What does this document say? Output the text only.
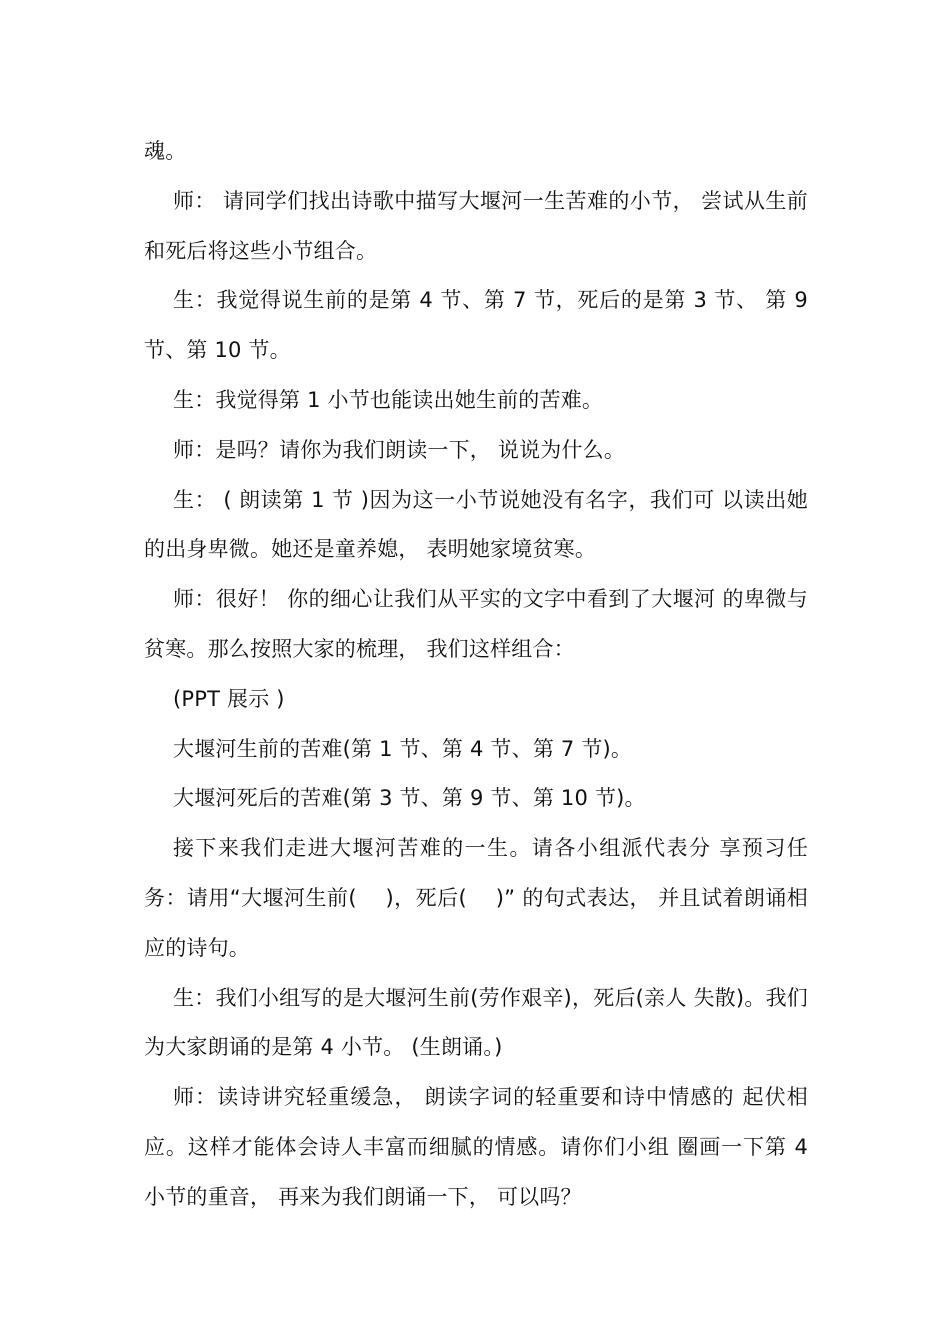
魂。

师： 请同学们找出诗歌中描写大堰河一生苦难的小节， 尝试从生前和死后将这些小节组合。

生：我觉得说生前的是第 4 节、第 7 节，死后的是第 3 节、 第 9 节、第 10 节。

生：我觉得第 1 小节也能读出她生前的苦难。

师：是吗？请你为我们朗读一下， 说说为什么。

生： ( 朗读第 1 节 )因为这一小节说她没有名字，我们可 以读出她的出身卑微。她还是童养媳， 表明她家境贫寒。

师：很好！ 你的细心让我们从平实的文字中看到了大堰河 的卑微与贫寒。那么按照大家的梳理， 我们这样组合：

(PPT 展示 )

大堰河生前的苦难(第 1 节、第 4 节、第 7 节)。

大堰河死后的苦难(第 3 节、第 9 节、第 10 节)。

接下来我们走进大堰河苦难的一生。请各小组派代表分 享预习任务：请用“大堰河生前(　 )，死后(　 )” 的句式表达， 并且试着朗诵相应的诗句。

生：我们小组写的是大堰河生前(劳作艰辛)，死后(亲人 失散)。我们为大家朗诵的是第 4 小节。 (生朗诵。)

师：读诗讲究轻重缓急， 朗读字词的轻重要和诗中情感的 起伏相应。这样才能体会诗人丰富而细腻的情感。请你们小组 圈画一下第 4 小节的重音， 再来为我们朗诵一下， 可以吗？
